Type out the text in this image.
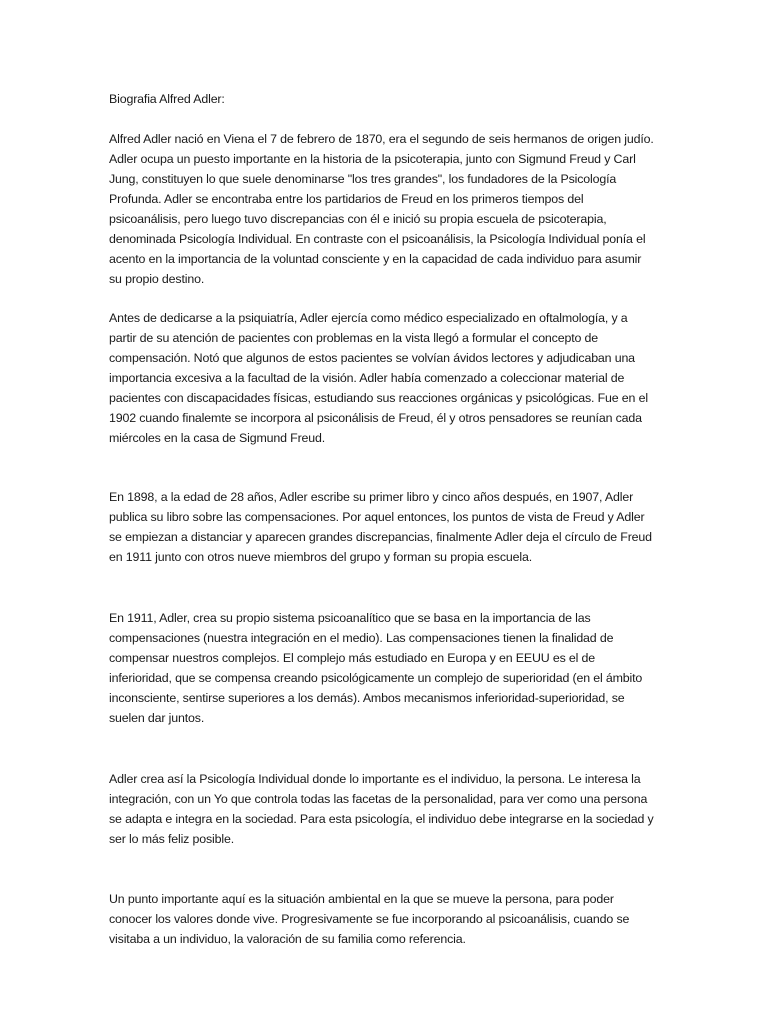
Biografia Alfred Adler:

Alfred Adler nació en Viena el 7 de febrero de 1870, era el segundo de seis hermanos de origen judío. Adler ocupa un puesto importante en la historia de la psicoterapia, junto con Sigmund Freud y Carl Jung, constituyen lo que suele denominarse "los tres grandes", los fundadores de la Psicología Profunda. Adler se encontraba entre los partidarios de Freud en los primeros tiempos del psicoanálisis, pero luego tuvo discrepancias con él e inició su propia escuela de psicoterapia, denominada Psicología Individual. En contraste con el psicoanálisis, la Psicología Individual ponía el acento en la importancia de la voluntad consciente y en la capacidad de cada individuo para asumir su propio destino.

Antes de dedicarse a la psiquiatría, Adler ejercía como médico especializado en oftalmología, y a partir de su atención de pacientes con problemas en la vista llegó a formular el concepto de compensación. Notó que algunos de estos pacientes se volvían ávidos lectores y adjudicaban una importancia excesiva a la facultad de la visión. Adler había comenzado a coleccionar material de pacientes con discapacidades físicas, estudiando sus reacciones orgánicas y psicológicas. Fue en el 1902 cuando finalemte se incorpora al psiconálisis de Freud, él y otros pensadores se reunían cada miércoles en la casa de Sigmund Freud.

En 1898, a la edad de 28 años, Adler escribe su primer libro y cinco años después, en 1907, Adler publica su libro sobre las compensaciones. Por aquel entonces, los puntos de vista de Freud y Adler se empiezan a distanciar y aparecen grandes discrepancias, finalmente Adler deja el círculo de Freud en 1911 junto con otros nueve miembros del grupo y forman su propia escuela.

En 1911, Adler, crea su propio sistema psicoanalítico que se basa en la importancia de las compensaciones (nuestra integración en el medio). Las compensaciones tienen la finalidad de compensar nuestros complejos. El complejo más estudiado en Europa y en EEUU es el de inferioridad, que se compensa creando psicológicamente un complejo de superioridad (en el ámbito inconsciente, sentirse superiores a los demás). Ambos mecanismos inferioridad-superioridad, se suelen dar juntos.

Adler crea así la Psicología Individual donde lo importante es el individuo, la persona. Le interesa la integración, con un Yo que controla todas las facetas de la personalidad, para ver como una persona se adapta e integra en la sociedad. Para esta psicología, el individuo debe integrarse en la sociedad y ser lo más feliz posible.

Un punto importante aquí es la situación ambiental en la que se mueve la persona, para poder conocer los valores donde vive. Progresivamente se fue incorporando al psicoanálisis, cuando se visitaba a un individuo, la valoración de su familia como referencia.
